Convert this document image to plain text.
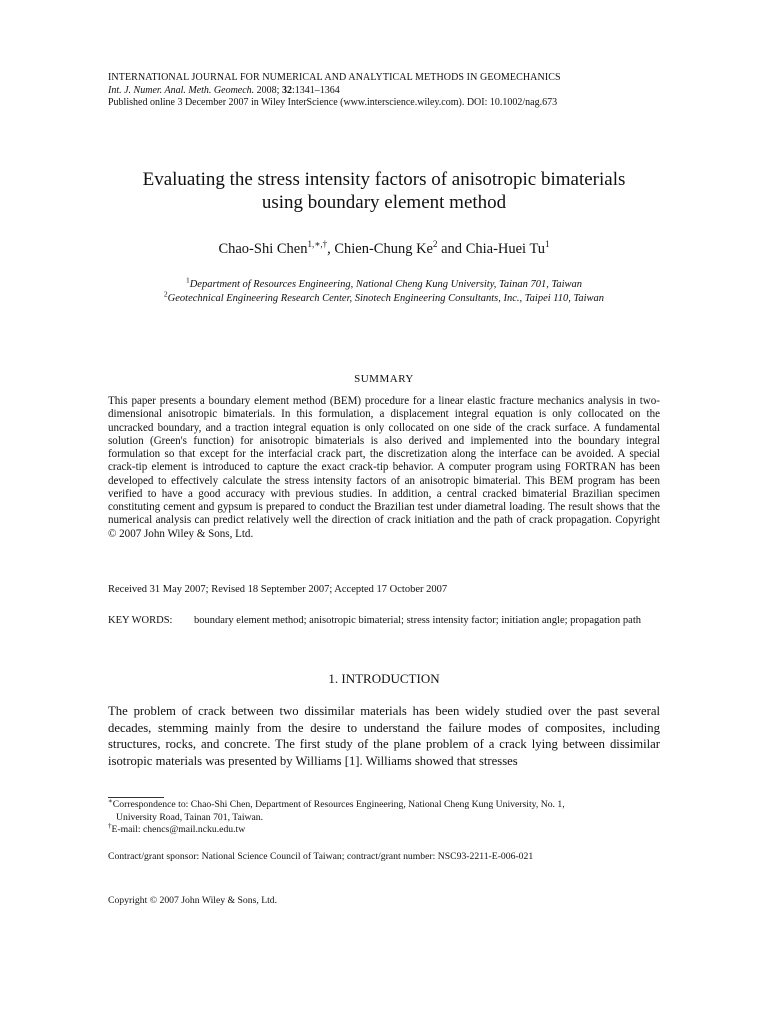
INTERNATIONAL JOURNAL FOR NUMERICAL AND ANALYTICAL METHODS IN GEOMECHANICS
Int. J. Numer. Anal. Meth. Geomech. 2008; 32:1341–1364
Published online 3 December 2007 in Wiley InterScience (www.interscience.wiley.com). DOI: 10.1002/nag.673
Evaluating the stress intensity factors of anisotropic bimaterials
using boundary element method
Chao-Shi Chen$^{1,∗,\dagger}$, Chien-Chung Ke$^2$ and Chia-Huei Tu$^1$
$^1$Department of Resources Engineering, National Cheng Kung University, Tainan 701, Taiwan
$^2$Geotechnical Engineering Research Center, Sinotech Engineering Consultants, Inc., Taipei 110, Taiwan
SUMMARY
This paper presents a boundary element method (BEM) procedure for a linear elastic fracture mechanics analysis in two-dimensional anisotropic bimaterials. In this formulation, a displacement integral equation is only collocated on the uncracked boundary, and a traction integral equation is only collocated on one side of the crack surface. A fundamental solution (Green's function) for anisotropic bimaterials is also derived and implemented into the boundary integral formulation so that except for the interfacial crack part, the discretization along the interface can be avoided. A special crack-tip element is introduced to capture the exact crack-tip behavior. A computer program using FORTRAN has been developed to effectively calculate the stress intensity factors of an anisotropic bimaterial. This BEM program has been verified to have a good accuracy with previous studies. In addition, a central cracked bimaterial Brazilian specimen constituting cement and gypsum is prepared to conduct the Brazilian test under diametral loading. The result shows that the numerical analysis can predict relatively well the direction of crack initiation and the path of crack propagation. Copyright © 2007 John Wiley & Sons, Ltd.
Received 31 May 2007; Revised 18 September 2007; Accepted 17 October 2007
KEY WORDS:	boundary element method; anisotropic bimaterial; stress intensity factor; initiation angle; propagation path
1. INTRODUCTION
The problem of crack between two dissimilar materials has been widely studied over the past several decades, stemming mainly from the desire to understand the failure modes of composites, including structures, rocks, and concrete. The first study of the plane problem of a crack lying between dissimilar isotropic materials was presented by Williams [1]. Williams showed that stresses
∗Correspondence to: Chao-Shi Chen, Department of Resources Engineering, National Cheng Kung University, No. 1,
University Road, Tainan 701, Taiwan.
†E-mail: chencs@mail.ncku.edu.tw
Contract/grant sponsor: National Science Council of Taiwan; contract/grant number: NSC93-2211-E-006-021
Copyright © 2007 John Wiley & Sons, Ltd.
